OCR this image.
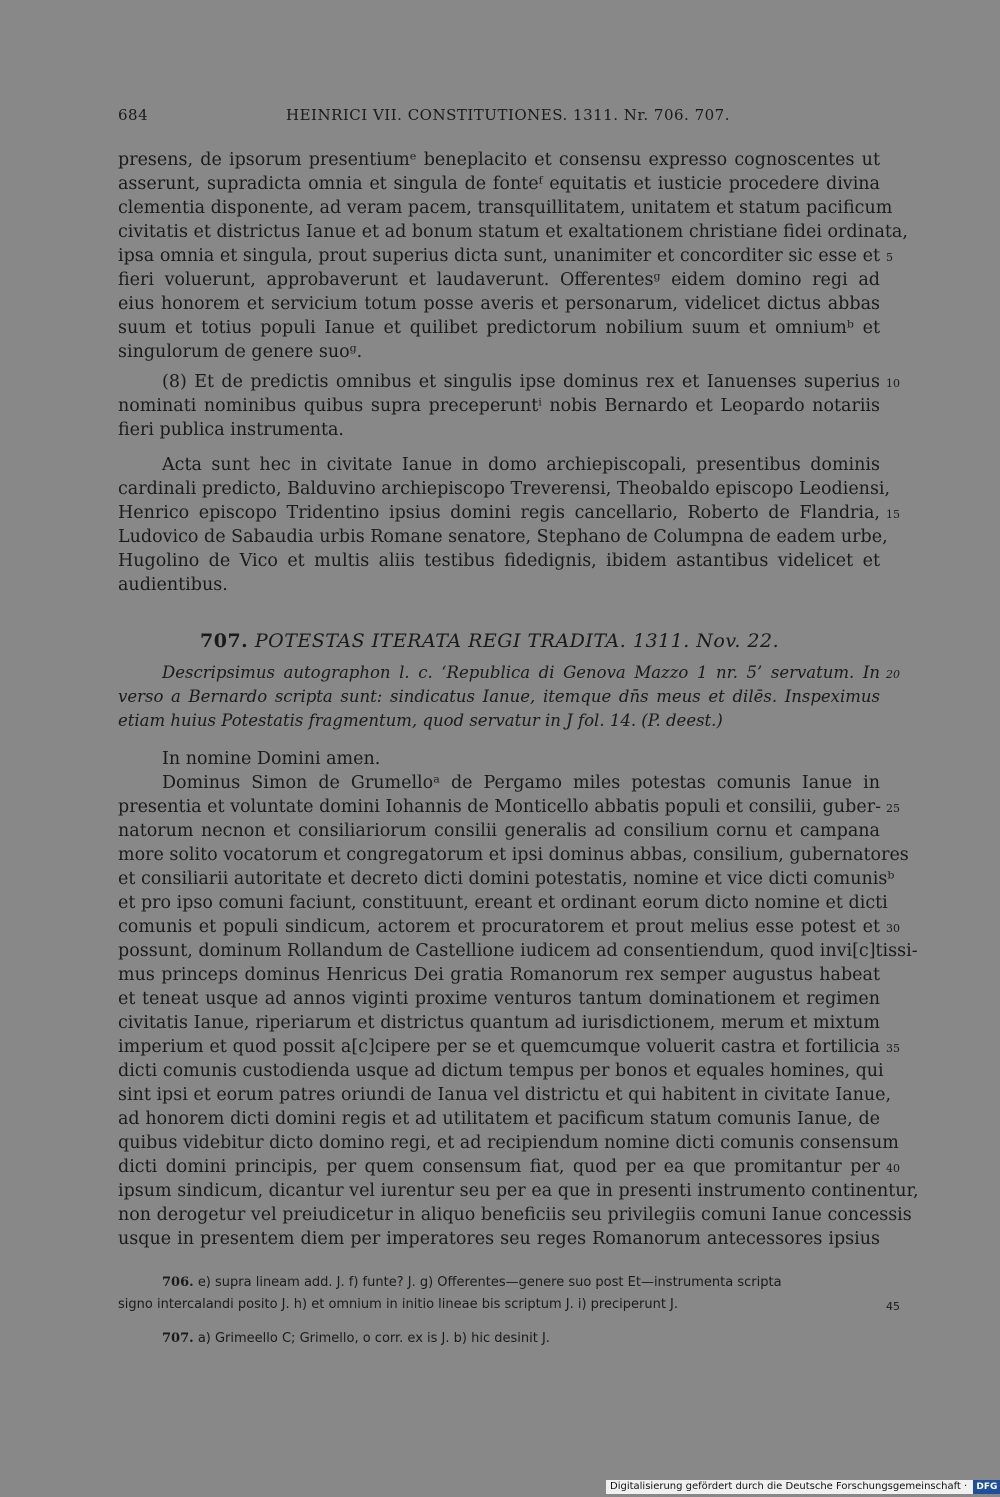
684	HEINRICI VII. CONSTITUTIONES. 1311. Nr. 706. 707.
presens, de ipsorum presentiumᵉ beneplacito et consensu expresso cognoscentes ut
asserunt, supradicta omnia et singula de fonteᶠ equitatis et iusticie procedere divina
clementia disponente, ad veram pacem, transquillitatem, unitatem et statum pacificum
civitatis et districtus Ianue et ad bonum statum et exaltationem christiane fidei ordinata,
ipsa omnia et singula, prout superius dicta sunt, unanimiter et concorditer sic esse et 5
fieri voluerunt, approbaverunt et laudaverunt. Offerentesᵍ eidem domino regi ad
eius honorem et servicium totum posse averis et personarum, videlicet dictus abbas
suum et totius populi Ianue et quilibet predictorum nobilium suum et omniumᵇ et
singulorum de genere suoᵍ.
(8) Et de predictis omnibus et singulis ipse dominus rex et Ianuenses superius 10
nominati nominibus quibus supra preceperuntⁱ nobis Bernardo et Leopardo notariis
fieri publica instrumenta.
Acta sunt hec in civitate Ianue in domo archiepiscopali, presentibus dominis
cardinali predicto, Balduvino archiepiscopo Treverensi, Theobaldo episcopo Leodiensi,
Henrico episcopo Tridentino ipsius domini regis cancellario, Roberto de Flandria, 15
Ludovico de Sabaudia urbis Romane senatore, Stephano de Columpna de eadem urbe,
Hugolino de Vico et multis aliis testibus fidedignis, ibidem astantibus videlicet et
audientibus.
707. POTESTAS ITERATA REGI TRADITA. 1311. Nov. 22.
Descripsimus autographon l. c. ‘Republica di Genova Mazzo 1 nr. 5’ servatum. In 20
verso a Bernardo scripta sunt: sindicatus Ianue, itemque dn̄s meus et dilēs. Inspeximus
etiam huius Potestatis fragmentum, quod servatur in J fol. 14. (P. deest.)
In nomine Domini amen.
Dominus Simon de Grumelloᵃ de Pergamo miles potestas comunis Ianue in
presentia et voluntate domini Iohannis de Monticello abbatis populi et consilii, guber- 25
natorum necnon et consiliariorum consilii generalis ad consilium cornu et campana
more solito vocatorum et congregatorum et ipsi dominus abbas, consilium, gubernatores
et consiliarii autoritate et decreto dicti domini potestatis, nomine et vice dicti comunisᵇ
et pro ipso comuni faciunt, constituunt, ereant et ordinant eorum dicto nomine et dicti
comunis et populi sindicum, actorem et procuratorem et prout melius esse potest et 30
possunt, dominum Rollandum de Castellione iudicem ad consentiendum, quod invi[c]tissi-
mus princeps dominus Henricus Dei gratia Romanorum rex semper augustus habeat
et teneat usque ad annos viginti proxime venturos tantum dominationem et regimen
civitatis Ianue, riperiarum et districtus quantum ad iurisdictionem, merum et mixtum
imperium et quod possit a[c]cipere per se et quemcumque voluerit castra et fortilicia 35
dicti comunis custodienda usque ad dictum tempus per bonos et equales homines, qui
sint ipsi et eorum patres oriundi de Ianua vel districtu et qui habitent in civitate Ianue,
ad honorem dicti domini regis et ad utilitatem et pacificum statum comunis Ianue, de
quibus videbitur dicto domino regi, et ad recipiendum nomine dicti comunis consensum
dicti domini principis, per quem consensum fiat, quod per ea que promitantur per 40
ipsum sindicum, dicantur vel iurentur seu per ea que in presenti instrumento continentur,
non derogetur vel preiudicetur in aliquo beneficiis seu privilegiis comuni Ianue concessis
usque in presentem diem per imperatores seu reges Romanorum antecessores ipsius
706. e) supra lineam add. J. f) funte? J. g) Offerentes—genere suo post Et—instrumenta scripta
signo intercalandi posito J. h) et omnium in initio lineae bis scriptum J. i) preciperunt J.	45
707. a) Grimeello C; Grimello, o corr. ex is J. b) hic desinit J.
Digitalisierung gefördert durch die Deutsche Forschungsgemeinschaft · DFG
